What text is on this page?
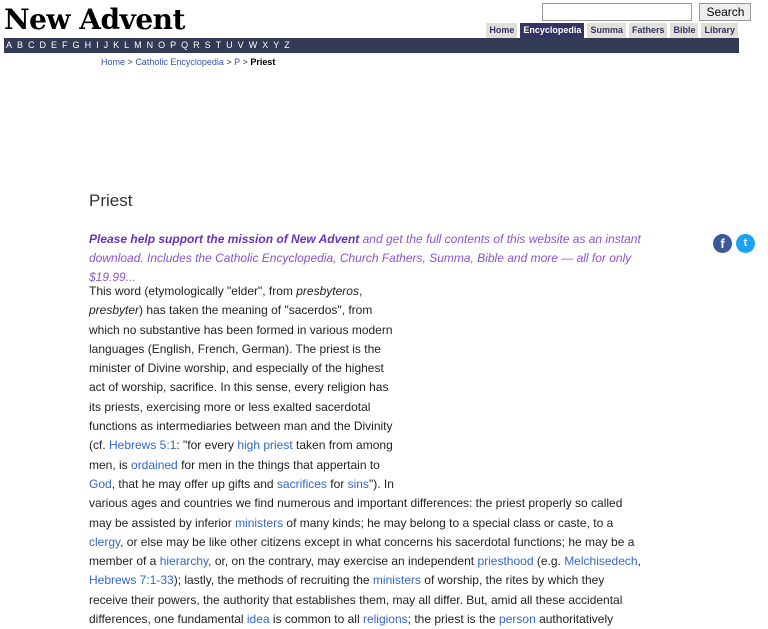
New Advent	Search
Home	Encyclopedia	Summa	Fathers	Bible	Library
A B C D E F G H I J K L M N O P Q R S T U V W X Y Z
Home > Catholic Encyclopedia > P > Priest
Priest
Please help support the mission of New Advent and get the full contents of this website as an instant download. Includes the Catholic Encyclopedia, Church Fathers, Summa, Bible and more — all for only $19.99...
f	t

This word (etymologically "elder", from presbyteros, presbyter) has taken the meaning of "sacerdos", from which no substantive has been formed in various modern languages (English, French, German). The priest is the minister of Divine worship, and especially of the highest act of worship, sacrifice. In this sense, every religion has its priests, exercising more or less exalted sacerdotal functions as intermediaries between man and the Divinity (cf. Hebrews 5:1: "for every high priest taken from among men, is ordained for men in the things that appertain to God, that he may offer up gifts and sacrifices for sins"). In various ages and countries we find numerous and important differences: the priest properly so called may be assisted by inferior ministers of many kinds; he may belong to a special class or caste, to a clergy, or else may be like other citizens except in what concerns his sacerdotal functions; he may be a member of a hierarchy, or, on the contrary, may exercise an independent priesthood (e.g. Melchisedech, Hebrews 7:1-33); lastly, the methods of recruiting the ministers of worship, the rites by which they receive their powers, the authority that establishes them, may all differ. But, amid all these accidental differences, one fundamental idea is common to all religions; the priest is the person authoritatively
